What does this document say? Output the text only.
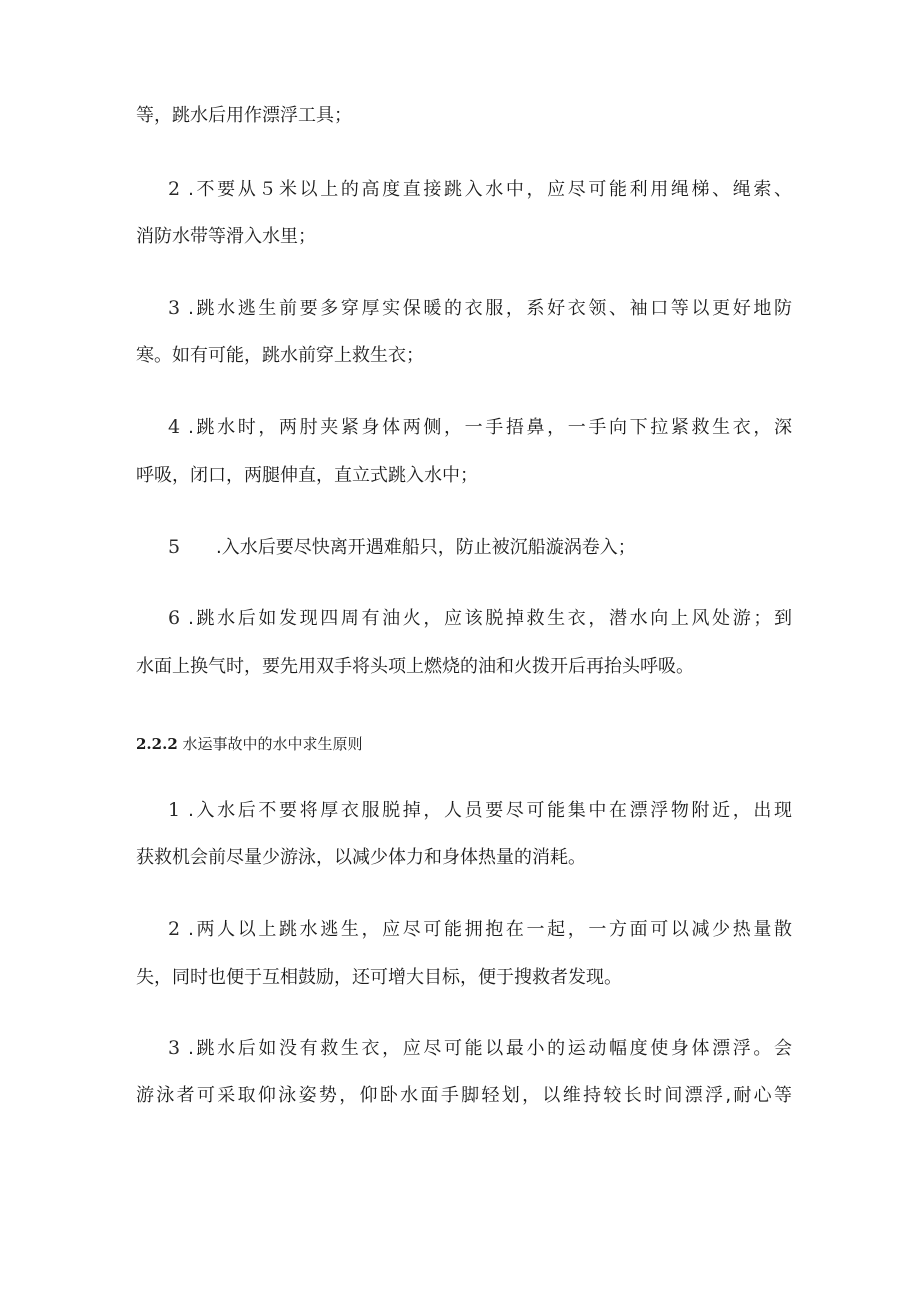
等，跳水后用作漂浮工具；
2 .不要从５米以上的高度直接跳入水中，应尽可能利用绳梯、绳索、
消防水带等滑入水里；
3 .跳水逃生前要多穿厚实保暖的衣服，系好衣领、袖口等以更好地防
寒。如有可能，跳水前穿上救生衣；
4 .跳水时，两肘夹紧身体两侧，一手捂鼻，一手向下拉紧救生衣，深
呼吸，闭口，两腿伸直，直立式跳入水中；
5 .入水后要尽快离开遇难船只，防止被沉船漩涡卷入；
6 .跳水后如发现四周有油火，应该脱掉救生衣，潜水向上风处游；到
水面上换气时，要先用双手将头项上燃烧的油和火拨开后再抬头呼吸。
2.2.2 水运事故中的水中求生原则
1 .入水后不要将厚衣服脱掉，人员要尽可能集中在漂浮物附近，出现
获救机会前尽量少游泳，以减少体力和身体热量的消耗。
2 .两人以上跳水逃生，应尽可能拥抱在一起，一方面可以减少热量散
失，同时也便于互相鼓励，还可增大目标，便于搜救者发现。
3 .跳水后如没有救生衣，应尽可能以最小的运动幅度使身体漂浮。会
游泳者可采取仰泳姿势，仰卧水面手脚轻划，以维持较长时间漂浮,耐心等
